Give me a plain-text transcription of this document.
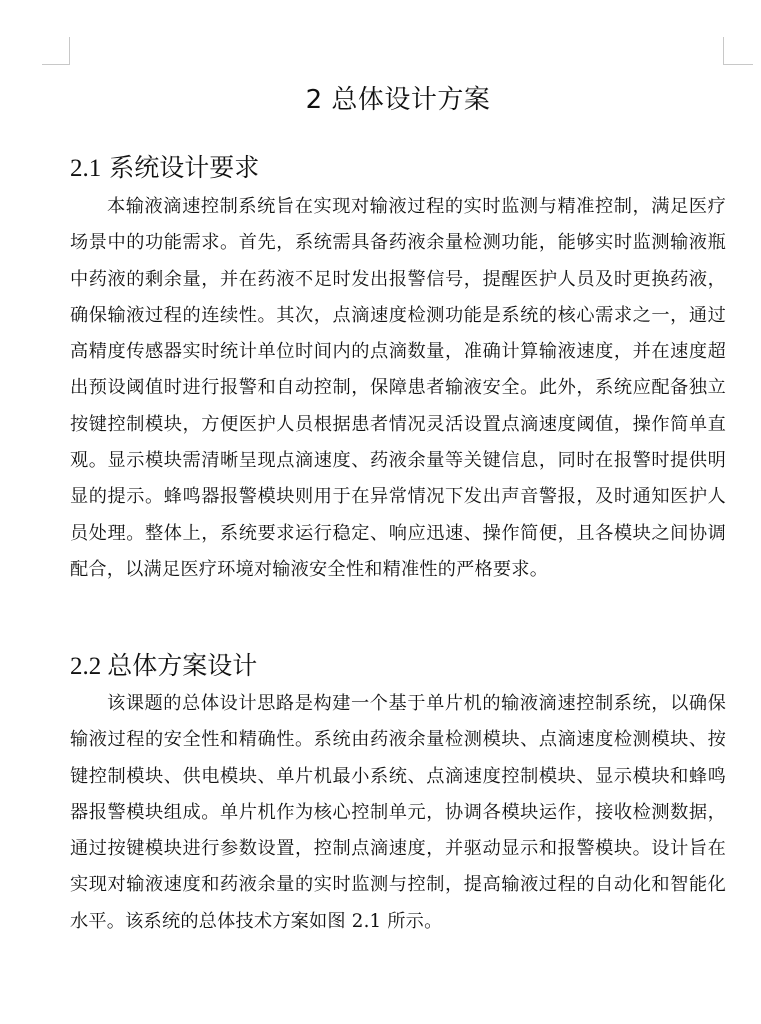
2 总体设计方案
2.1 系统设计要求

本输液滴速控制系统旨在实现对输液过程的实时监测与精准控制，满足医疗场景中的功能需求。首先，系统需具备药液余量检测功能，能够实时监测输液瓶中药液的剩余量，并在药液不足时发出报警信号，提醒医护人员及时更换药液，确保输液过程的连续性。其次，点滴速度检测功能是系统的核心需求之一，通过高精度传感器实时统计单位时间内的点滴数量，准确计算输液速度，并在速度超出预设阈值时进行报警和自动控制，保障患者输液安全。此外，系统应配备独立按键控制模块，方便医护人员根据患者情况灵活设置点滴速度阈值，操作简单直观。显示模块需清晰呈现点滴速度、药液余量等关键信息，同时在报警时提供明显的提示。蜂鸣器报警模块则用于在异常情况下发出声音警报，及时通知医护人员处理。整体上，系统要求运行稳定、响应迅速、操作简便，且各模块之间协调配合，以满足医疗环境对输液安全性和精准性的严格要求。

2.2 总体方案设计

该课题的总体设计思路是构建一个基于单片机的输液滴速控制系统，以确保输液过程的安全性和精确性。系统由药液余量检测模块、点滴速度检测模块、按键控制模块、供电模块、单片机最小系统、点滴速度控制模块、显示模块和蜂鸣器报警模块组成。单片机作为核心控制单元，协调各模块运作，接收检测数据，通过按键模块进行参数设置，控制点滴速度，并驱动显示和报警模块。设计旨在实现对输液速度和药液余量的实时监测与控制，提高输液过程的自动化和智能化水平。该系统的总体技术方案如图 2.1 所示。
